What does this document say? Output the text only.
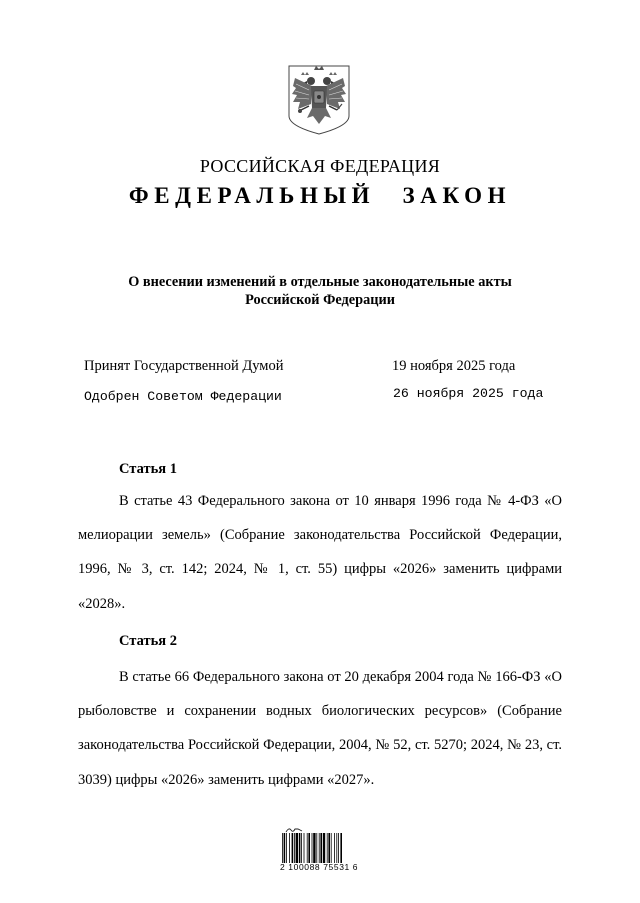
РОССИЙСКАЯ ФЕДЕРАЦИЯ
ФЕДЕРАЛЬНЫЙ ЗАКОН
О внесении изменений в отдельные законодательные акты
Российской Федерации
Принят Государственной Думой	19 ноября 2025 года
Одобрен Советом Федерации	26 ноября 2025 года
Статья 1

В статье 43 Федерального закона от 10 января 1996 года № 4-ФЗ «О мелиорации земель» (Собрание законодательства Российской Федерации, 1996, № 3, ст. 142; 2024, № 1, ст. 55) цифры «2026» заменить цифрами «2028».

Статья 2

В статье 66 Федерального закона от 20 декабря 2004 года № 166-ФЗ «О рыболовстве и сохранении водных биологических ресурсов» (Собрание законодательства Российской Федерации, 2004, № 52, ст. 5270; 2024, № 23, ст. 3039) цифры «2026» заменить цифрами «2027».

2 100088 75531 6
